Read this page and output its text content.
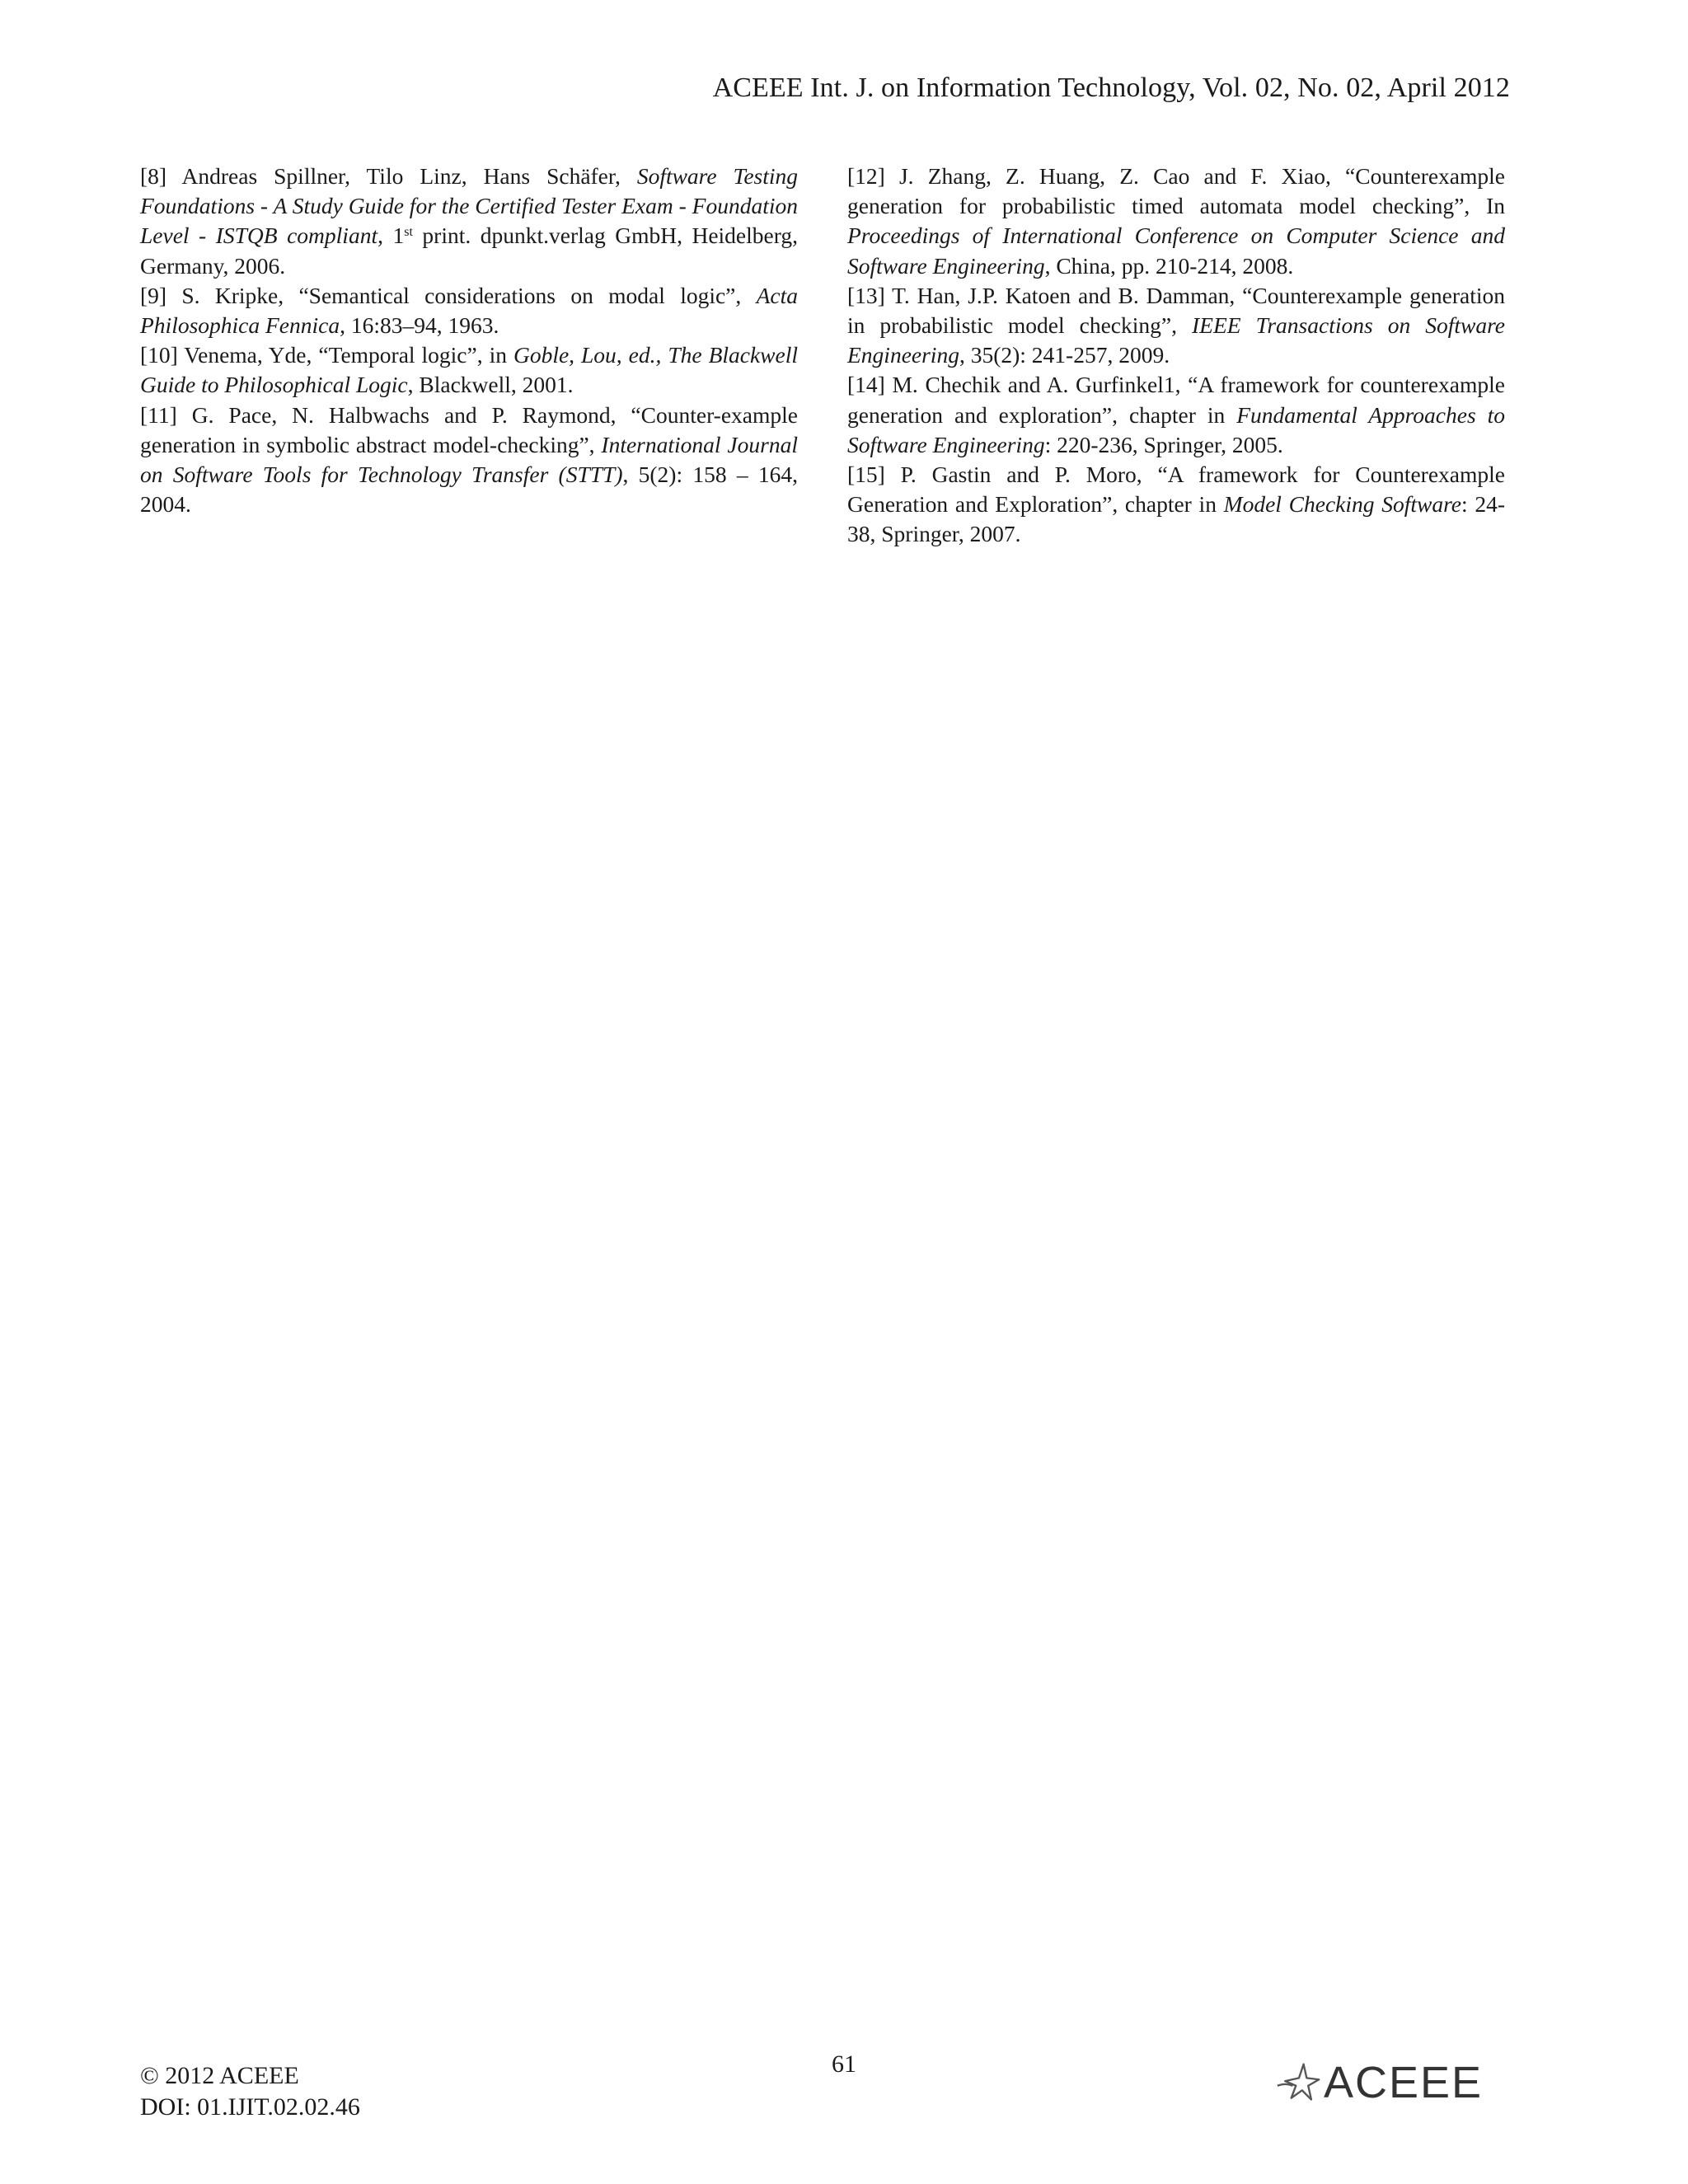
ACEEE Int. J. on Information Technology, Vol. 02, No. 02, April 2012

[8] Andreas Spillner, Tilo Linz, Hans Schäfer, Software Testing Foundations - A Study Guide for the Certified Tester Exam - Foundation Level - ISTQB compliant, 1st print. dpunkt.verlag GmbH, Heidelberg, Germany, 2006.

[9] S. Kripke, “Semantical considerations on modal logic”, Acta Philosophica Fennica, 16:83–94, 1963.

[10] Venema, Yde, “Temporal logic”, in Goble, Lou, ed., The Blackwell Guide to Philosophical Logic, Blackwell, 2001.

[11] G. Pace, N. Halbwachs and P. Raymond, “Counter-example generation in symbolic abstract model-checking”, International Journal on Software Tools for Technology Transfer (STTT), 5(2): 158 – 164, 2004.

[12] J. Zhang, Z. Huang, Z. Cao and F. Xiao, “Counterexample generation for probabilistic timed automata model checking”, In Proceedings of International Conference on Computer Science and Software Engineering, China, pp. 210-214, 2008.

[13] T. Han, J.P. Katoen and B. Damman, “Counterexample generation in probabilistic model checking”, IEEE Transactions on Software Engineering, 35(2): 241-257, 2009.

[14] M. Chechik and A. Gurfinkel1, “A framework for counterexample generation and exploration”, chapter in Fundamental Approaches to Software Engineering: 220-236, Springer, 2005.

[15] P. Gastin and P. Moro, “A framework for Counterexample Generation and Exploration”, chapter in Model Checking Software: 24-38, Springer, 2007.

© 2012 ACEEE
DOI: 01.IJIT.02.02.46
61	ACEEE
